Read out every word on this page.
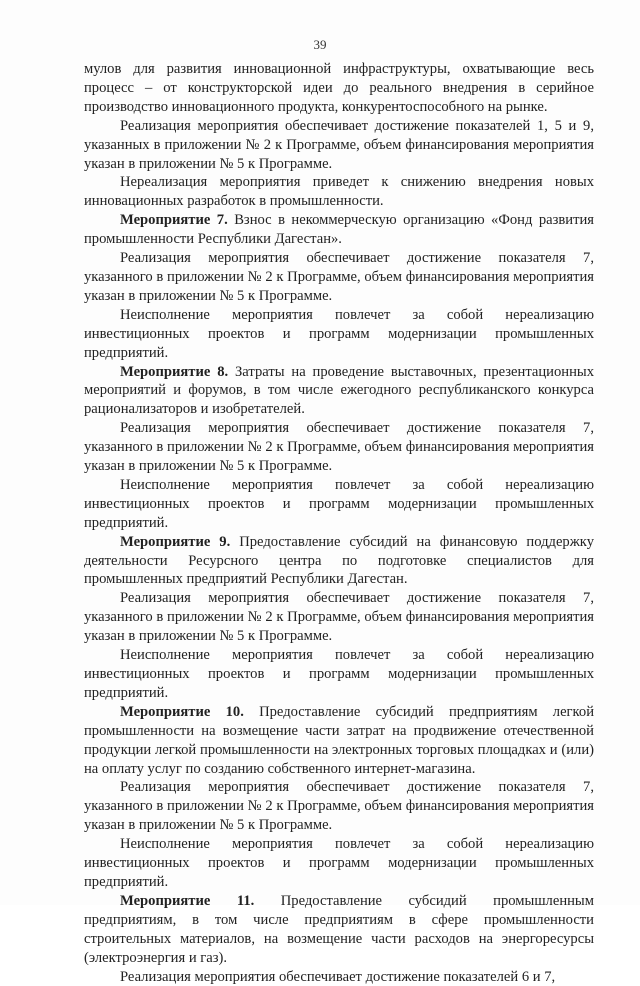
39

мулов для развития инновационной инфраструктуры, охватывающие весь процесс – от конструкторской идеи до реального внедрения в серийное производство инновационного продукта, конкурентоспособного на рынке.

Реализация мероприятия обеспечивает достижение показателей 1, 5 и 9, указанных в приложении № 2 к Программе, объем финансирования мероприятия указан в приложении № 5 к Программе.

Нереализация мероприятия приведет к снижению внедрения новых инновационных разработок в промышленности.

Мероприятие 7. Взнос в некоммерческую организацию «Фонд развития промышленности Республики Дагестан».

Реализация мероприятия обеспечивает достижение показателя 7, указанного в приложении № 2 к Программе, объем финансирования мероприятия указан в приложении № 5 к Программе.

Неисполнение мероприятия повлечет за собой нереализацию инвестиционных проектов и программ модернизации промышленных предприятий.

Мероприятие 8. Затраты на проведение выставочных, презентационных мероприятий и форумов, в том числе ежегодного республиканского конкурса рационализаторов и изобретателей.

Реализация мероприятия обеспечивает достижение показателя 7, указанного в приложении № 2 к Программе, объем финансирования мероприятия указан в приложении № 5 к Программе.

Неисполнение мероприятия повлечет за собой нереализацию инвестиционных проектов и программ модернизации промышленных предприятий.

Мероприятие 9. Предоставление субсидий на финансовую поддержку деятельности Ресурсного центра по подготовке специалистов для промышленных предприятий Республики Дагестан.

Реализация мероприятия обеспечивает достижение показателя 7, указанного в приложении № 2 к Программе, объем финансирования мероприятия указан в приложении № 5 к Программе.

Неисполнение мероприятия повлечет за собой нереализацию инвестиционных проектов и программ модернизации промышленных предприятий.

Мероприятие 10. Предоставление субсидий предприятиям легкой промышленности на возмещение части затрат на продвижение отечественной продукции легкой промышленности на электронных торговых площадках и (или) на оплату услуг по созданию собственного интернет-магазина.

Реализация мероприятия обеспечивает достижение показателя 7, указанного в приложении № 2 к Программе, объем финансирования мероприятия указан в приложении № 5 к Программе.

Неисполнение мероприятия повлечет за собой нереализацию инвестиционных проектов и программ модернизации промышленных предприятий.

Мероприятие 11. Предоставление субсидий промышленным предприятиям, в том числе предприятиям в сфере промышленности строительных материалов, на возмещение части расходов на энергоресурсы (электроэнергия и газ).

Реализация мероприятия обеспечивает достижение показателей 6 и 7,
